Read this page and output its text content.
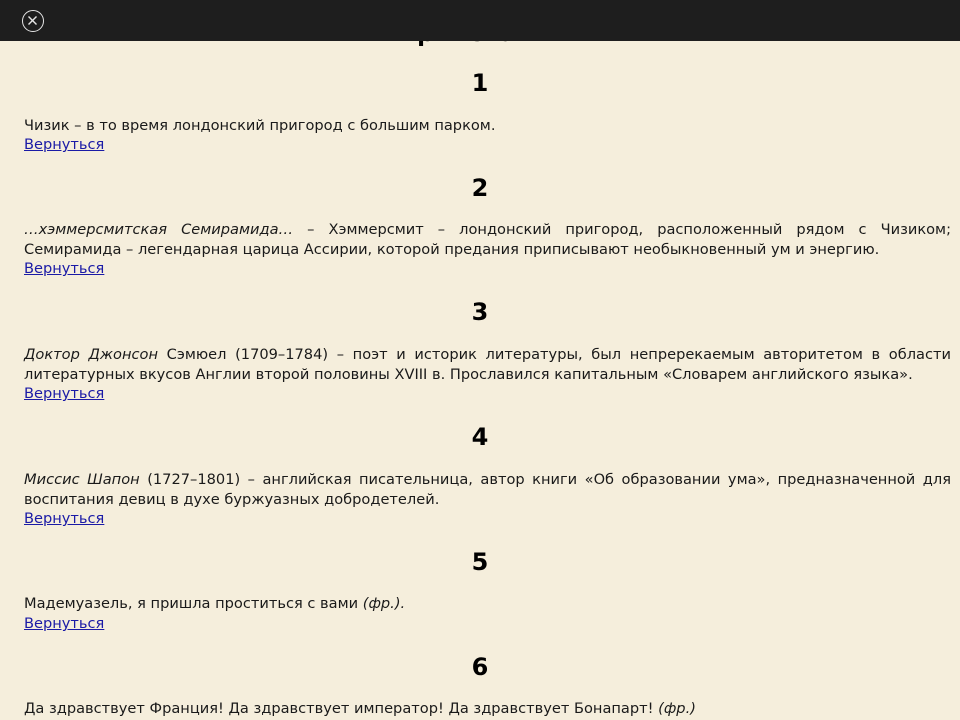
1

Чизик – в то время лондонский пригород с большим парком.

Вернуться
2

…хэммерсмитская Семирамида… – Хэммерсмит – лондонский пригород, расположенный рядом с Чизиком; Семирамида – легендарная царица Ассирии, которой предания приписывают необыкновенный ум и энергию.

Вернуться
3

Доктор Джонсон Сэмюел (1709–1784) – поэт и историк литературы, был непререкаемым авторитетом в области литературных вкусов Англии второй половины XVIII в. Прославился капитальным «Словарем английского языка».

Вернуться
4

Миссис Шапон (1727–1801) – английская писательница, автор книги «Об образовании ума», предназначенной для воспитания девиц в духе буржуазных добродетелей.

Вернуться
5

Мадемуазель, я пришла проститься с вами (фр.).

Вернуться
6

Да здравствует Франция! Да здравствует император! Да здравствует Бонапарт! (фр.)
